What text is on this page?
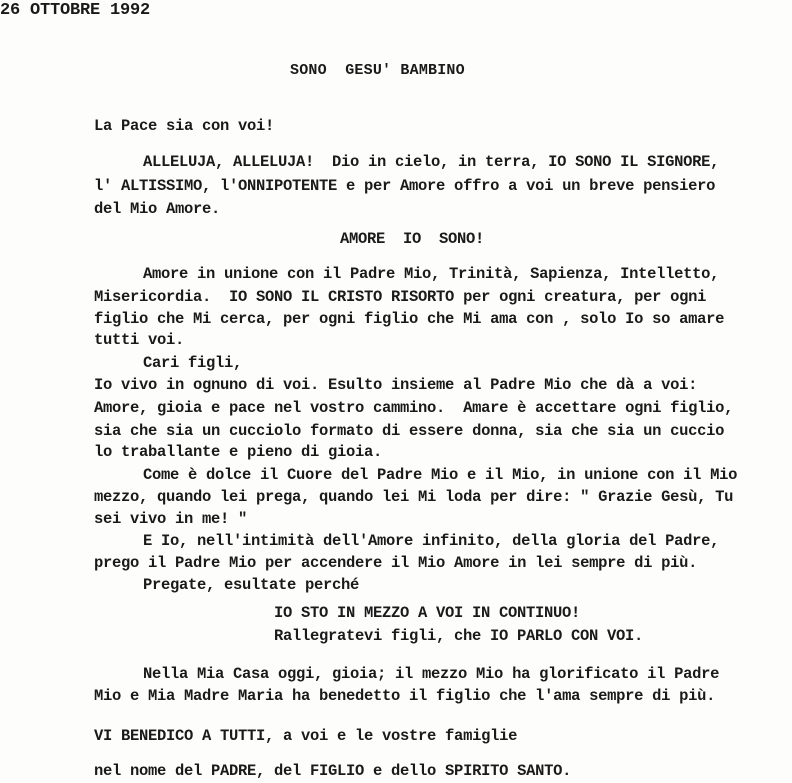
26 OTTOBRE 1992
SONO  GESU' BAMBINO
La Pace sia con voi!
ALLELUJA, ALLELUJA!  Dio in cielo, in terra, IO SONO IL SIGNORE,
l' ALTISSIMO, l'ONNIPOTENTE e per Amore offro a voi un breve pensiero
del Mio Amore.
AMORE  IO  SONO!
Amore in unione con il Padre Mio, Trinità, Sapienza, Intelletto,
Misericordia.  IO SONO IL CRISTO RISORTO per ogni creatura, per ogni
figlio che Mi cerca, per ogni figlio che Mi ama con , solo Io so amare
tutti voi.
Cari figli,
Io vivo in ognuno di voi. Esulto insieme al Padre Mio che dà a voi:
Amore, gioia e pace nel vostro cammino.  Amare è accettare ogni figlio,
sia che sia un cucciolo formato di essere donna, sia che sia un cuccio
lo traballante e pieno di gioia.
Come è dolce il Cuore del Padre Mio e il Mio, in unione con il Mio
mezzo, quando lei prega, quando lei Mi loda per dire: " Grazie Gesù, Tu
sei vivo in me! "
E Io, nell'intimità dell'Amore infinito, della gloria del Padre,
prego il Padre Mio per accendere il Mio Amore in lei sempre di più.
Pregate, esultate perché
IO STO IN MEZZO A VOI IN CONTINUO!
Rallegratevi figli, che IO PARLO CON VOI.
Nella Mia Casa oggi, gioia; il mezzo Mio ha glorificato il Padre
Mio e Mia Madre Maria ha benedetto il figlio che l'ama sempre di più.
VI BENEDICO A TUTTI, a voi e le vostre famiglie
nel nome del PADRE, del FIGLIO e dello SPIRITO SANTO.
